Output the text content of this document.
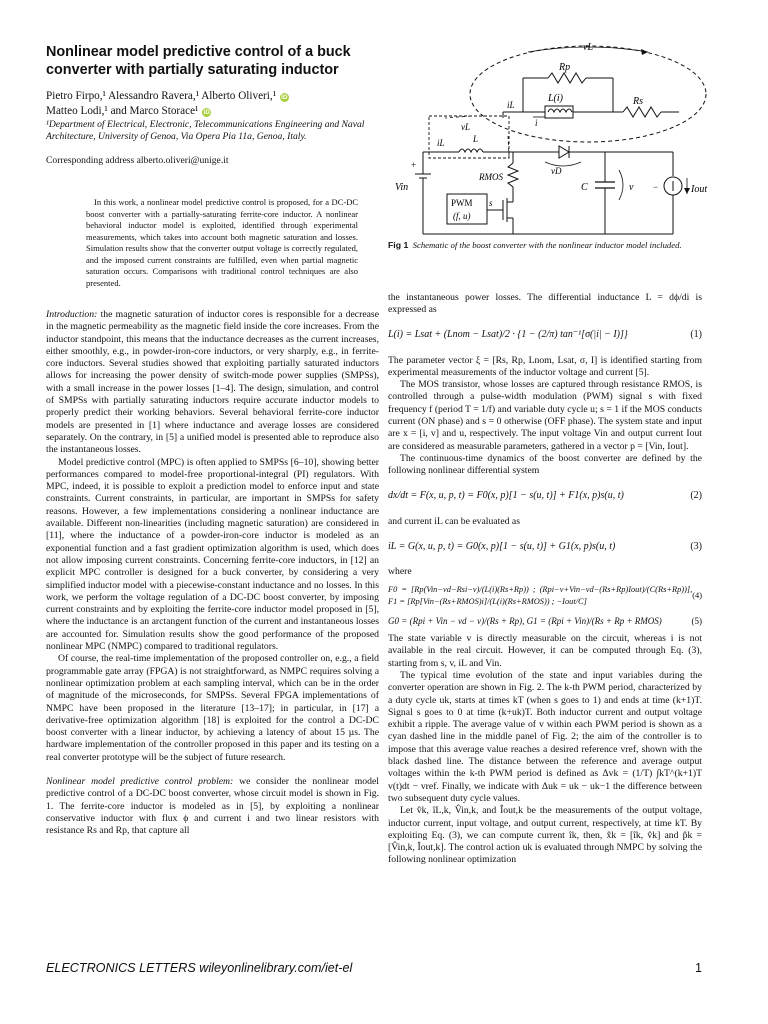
Nonlinear model predictive control of a buck converter with partially saturating inductor
Pietro Firpo,¹ Alessandro Ravera,¹ Alberto Oliveri,¹ iD
Matteo Lodi,¹ and Marco Storace¹ iD
¹Department of Electrical, Electronic, Telecommunications Engineering and Naval Architecture, University of Genoa, Via Opera Pia 11a, Genoa, Italy.
Corresponding address alberto.oliveri@unige.it
In this work, a nonlinear model predictive control is proposed, for a DC-DC boost converter with a partially-saturating ferrite-core inductor. A nonlinear behavioral inductor model is exploited, identified through experimental measurements, which takes into account both magnetic saturation and losses. Simulation results show that the converter output voltage is correctly regulated, and the imposed current constraints are fulfilled, even when partial magnetic saturation occurs. Comparisons with traditional control techniques are also presented.

Introduction: the magnetic saturation of inductor cores is responsible for a decrease in the magnetic permeability as the magnetic field inside the core increases. From the inductor standpoint, this means that the inductance decreases as the current increases, either smoothly, e.g., in powder-iron-core inductors, or very sharply, e.g., in ferrite-core inductors. Several studies showed that exploiting partially saturated inductors allows for increasing the power density of switch-mode power supplies (SMPSs), with a small increase in the power losses [1–4]. The design, simulation, and control of SMPSs with partially saturating inductors require accurate inductor models to properly predict their working behaviors. Several behavioral ferrite-core inductor models are presented in [1] where inductance and average losses are considered separately. On the contrary, in [5] a unified model is presented able to reproduce also the instantaneous losses.

Model predictive control (MPC) is often applied to SMPSs [6–10], showing better performances compared to model-free proportional-integral (PI) regulators. With MPC, indeed, it is possible to exploit a prediction model to enforce input and state constraints. Current constraints, in particular, are important in SMPSs for safety reasons. However, a few implementations considering a nonlinear inductance are available. Different non-linearities (including magnetic saturation) are considered in [11], where the inductance of a powder-iron-core inductor is modeled as an exponential function and a fast gradient optimization algorithm is used, which does not allow imposing current constraints. Concerning ferrite-core inductors, in [12] an explicit MPC controller is designed for a buck converter, by considering a very simplified inductor model with a piecewise-constant inductance and no losses. In this work, we perform the voltage regulation of a DC-DC boost converter, by imposing current constraints and by exploiting the ferrite-core inductor model proposed in [5], where the inductance is an arctangent function of the current and instantaneous losses are accounted for. Simulation results show the good performance of the proposed nonlinear MPC (NMPC) compared to traditional regulators.

Of course, the real-time implementation of the proposed controller on, e.g., a field programmable gate array (FPGA) is not straightforward, as NMPC requires solving a nonlinear optimization problem at each sampling interval, which can be in the order of magnitude of the microseconds, for SMPSs. Several FPGA implementations of NMPC have been proposed in the literature [13–17]; in particular, in [17] a derivative-free optimization algorithm [18] is exploited for the control a DC-DC boost converter with a linear inductor, by achieving a latency of about 15 µs. The hardware implementation of the controller proposed in this paper and its testing on a real converter prototype will be the subject of future research.

Nonlinear model predictive control problem: we consider the nonlinear model predictive control of a DC-DC boost converter, whose circuit model is shown in Fig. 1. The ferrite-core inductor is modeled as in [5], by exploiting a nonlinear conservative inductor with flux ϕ and current i and two linear resistors with resistance Rs and Rp, that capture all

vL
Rp
L(i)	Rs
iL
i
vL
iL	L
vD
+
Vin
RMOS
s
PWM
(f, u)
C	v	Iout
−
Fig 1 Schematic of the boost converter with the nonlinear inductor model included.

the instantaneous power losses. The differential inductance L = dϕ/di is expressed as

L(i) = Lsat + (Lnom − Lsat)/2 · {1 − (2/π) tan⁻¹[σ(|i| − I)]}	(1)

The parameter vector ξ = [Rs, Rp, Lnom, Lsat, σ, I] is identified starting from experimental measurements of the inductor voltage and current [5].

The MOS transistor, whose losses are captured through resistance RMOS, is controlled through a pulse-width modulation (PWM) signal s with fixed frequency f (period T = 1/f) and variable duty cycle u; s = 1 if the MOS conducts current (ON phase) and s = 0 otherwise (OFF phase). The system state and input are x = [i, v] and u, respectively. The input voltage Vin and output current Iout are considered as measurable parameters, gathered in a vector p = [Vin, Iout].

The continuous-time dynamics of the boost converter are defined by the following nonlinear differential system

dx/dt = F(x, u, p, t) = F0(x, p)[1 − s(u, t)] + F1(x, p)s(u, t)	(2)

and current iL can be evaluated as

iL = G(x, u, p, t) = G0(x, p)[1 − s(u, t)] + G1(x, p)s(u, t)	(3)

where

F0 = [Rp(Vin−vd−Rsi−v)/(L(i)(Rs+Rp)) ; (Rpi−v+Vin−vd−(Rs+Rp)Iout)/(C(Rs+Rp))], F1 = [Rp[Vin−(Rs+RMOS)i]/(L(i)(Rs+RMOS)) ; −Iout/C]
(4)
G0 = (Rpi + Vin − vd − v)/(Rs + Rp), G1 = (Rpi + Vin)/(Rs + Rp + RMOS)	(5)

The state variable v is directly measurable on the circuit, whereas i is not available in the real circuit. However, it can be computed through Eq. (3), starting from s, v, iL and Vin.

The typical time evolution of the state and input variables during the converter operation are shown in Fig. 2. The k-th PWM period, characterized by a duty cycle uk, starts at times kT (when s goes to 1) and ends at time (k+1)T. Signal s goes to 0 at time (k+uk)T. Both inductor current and output voltage exhibit a ripple. The average value of v within each PWM period is shown as a cyan dashed line in the middle panel of Fig. 2; the aim of the controller is to impose that this average value reaches a desired reference vref, shown with the black dashed line. The distance between the reference and average output voltages within the k-th PWM period is defined as Δvk = (1/T) ∫kT^(k+1)T v(t)dt − vref. Finally, we indicate with Δuk = uk − uk−1 the difference between two subsequent duty cycle values.

Let v̂k, îL,k, V̂in,k, and Îout,k be the measurements of the output voltage, inductor current, input voltage, and output current, respectively, at time kT. By exploiting Eq. (3), we can compute current îk, then, x̂k = [îk, v̂k] and p̂k = [V̂in,k, Îout,k]. The control action uk is evaluated through NMPC by solving the following nonlinear optimization

ELECTRONICS LETTERS wileyonlinelibrary.com/iet-el	1
